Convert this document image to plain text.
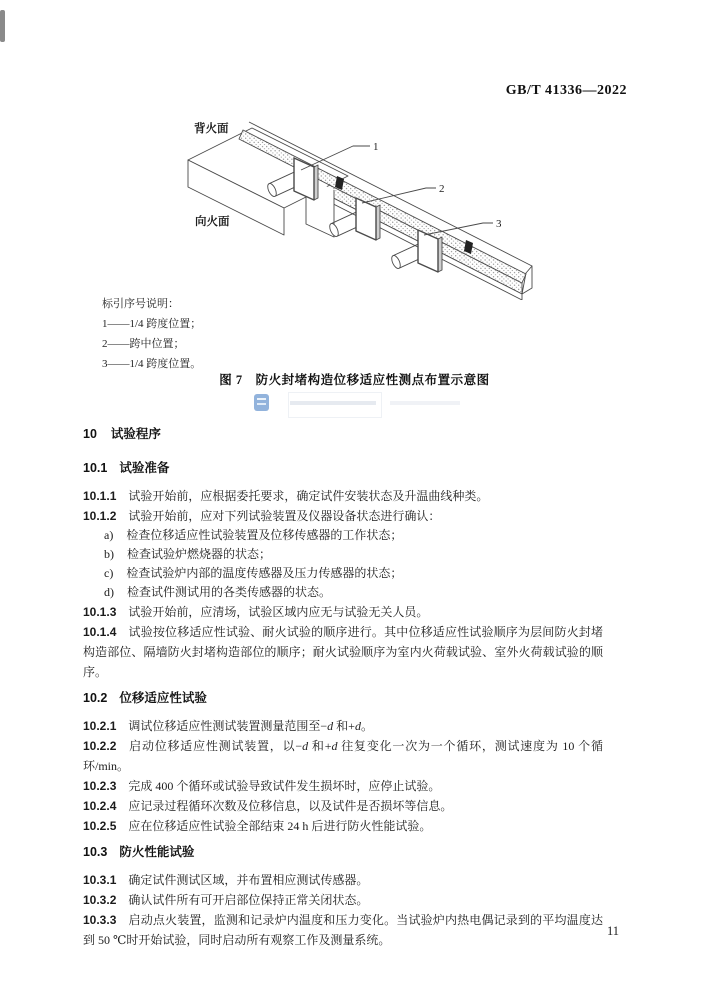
GB/T 41336—2022
1
2
3
背火面
向火面
标引序号说明：
1——1/4 跨度位置；
2——跨中位置；
3——1/4 跨度位置。
图 7　防火封堵构造位移适应性测点布置示意图
10 试验程序
10.1 试验准备
10.1.1 试验开始前，应根据委托要求，确定试件安装状态及升温曲线种类。
10.1.2 试验开始前，应对下列试验装置及仪器设备状态进行确认：
a) 检查位移适应性试验装置及位移传感器的工作状态；
b) 检查试验炉燃烧器的状态；
c) 检查试验炉内部的温度传感器及压力传感器的状态；
d) 检查试件测试用的各类传感器的状态。
10.1.3 试验开始前，应清场，试验区域内应无与试验无关人员。
10.1.4 试验按位移适应性试验、耐火试验的顺序进行。其中位移适应性试验顺序为层间防火封堵构造部位、隔墙防火封堵构造部位的顺序；耐火试验顺序为室内火荷载试验、室外火荷载试验的顺序。
10.2 位移适应性试验
10.2.1 调试位移适应性测试装置测量范围至−d 和+d。
10.2.2 启动位移适应性测试装置，以−d 和+d 往复变化一次为一个循环，测试速度为 10 个循环/min。
10.2.3 完成 400 个循环或试验导致试件发生损坏时，应停止试验。
10.2.4 应记录过程循环次数及位移信息，以及试件是否损坏等信息。
10.2.5 应在位移适应性试验全部结束 24 h 后进行防火性能试验。
10.3 防火性能试验
10.3.1 确定试件测试区域，并布置相应测试传感器。
10.3.2 确认试件所有可开启部位保持正常关闭状态。
10.3.3 启动点火装置，监测和记录炉内温度和压力变化。当试验炉内热电偶记录到的平均温度达到 50 ℃时开始试验，同时启动所有观察工作及测量系统。
11
